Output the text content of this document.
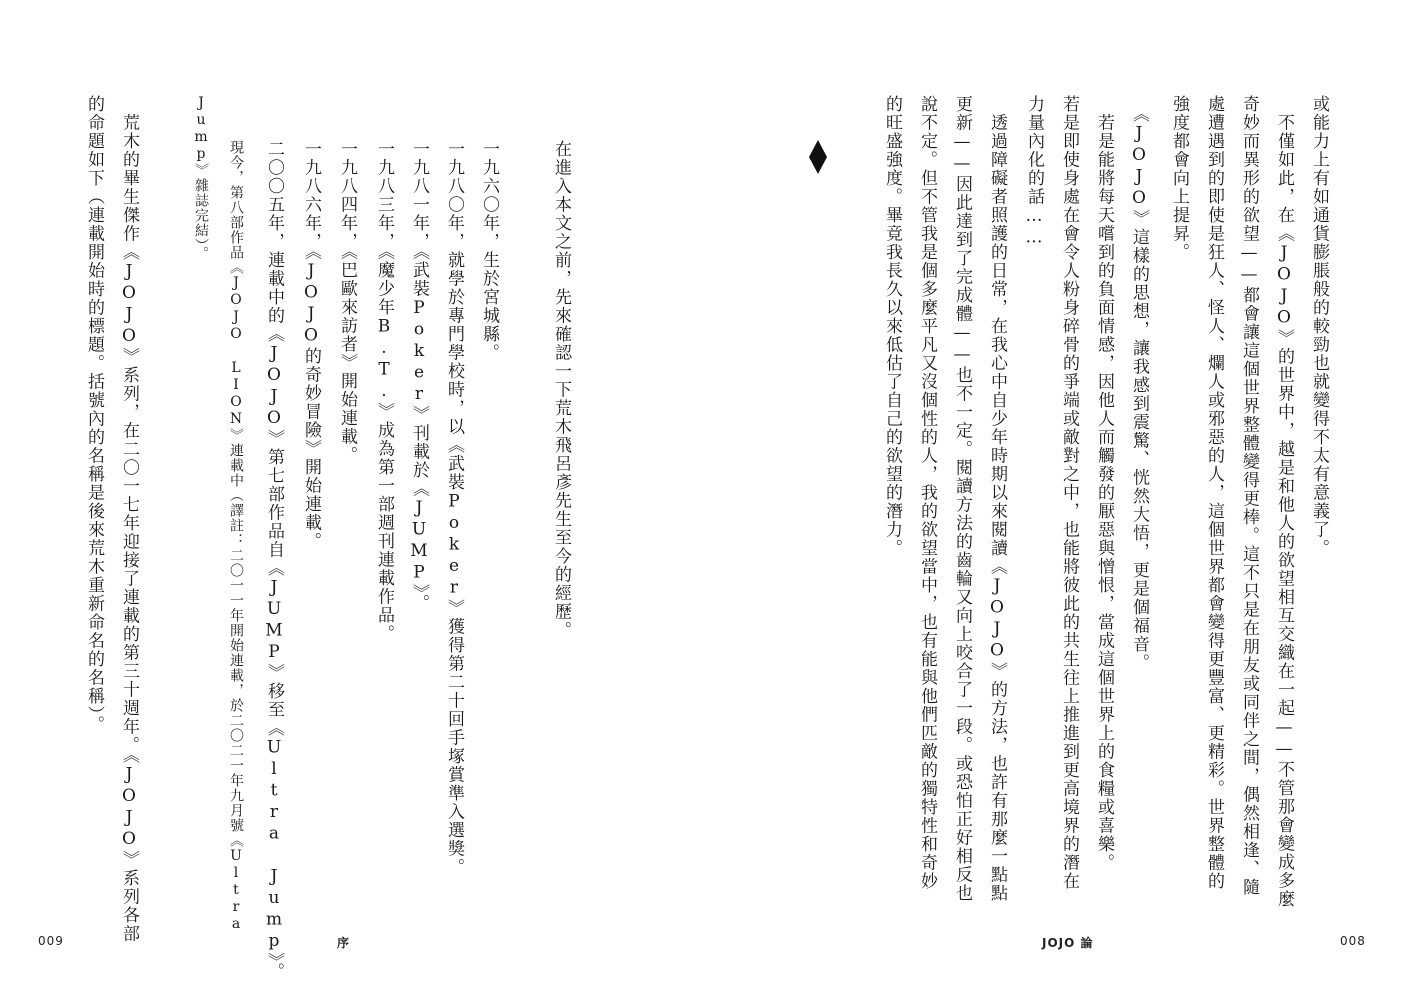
或能力上有如通貨膨脹般的較勁也就變得不太有意義了。
　不僅如此，在《JOJO》的世界中，越是和他人的欲望相互交織在一起——不管那會變成多麼
奇妙而異形的欲望——都會讓這個世界整體變得更棒。這不只是在朋友或同伴之間，偶然相逢、隨
處遭遇到的即使是狂人、怪人、爛人或邪惡的人，這個世界都會變得更豐富、更精彩。世界整體的
強度都會向上提昇。
　《JOJO》這樣的思想，讓我感到震驚、恍然大悟，更是個福音。
　若是能將每天嚐到的負面情感，因他人而觸發的厭惡與憎恨，當成這個世界上的食糧或喜樂。
若是即使身處在會令人粉身碎骨的爭端或敵對之中，也能將彼此的共生往上推進到更高境界的潛在
力量內化的話……
　透過障礙者照護的日常，在我心中自少年時期以來閱讀《JOJO》的方法，也許有那麼一點點
更新——因此達到了完成體——也不一定。閱讀方法的齒輪又向上咬合了一段。或恐怕正好相反也
說不定。但不管我是個多麼平凡又沒個性的人，我的欲望當中，也有能與他們匹敵的獨特性和奇妙
的旺盛強度。畢竟我長久以來低估了自己的欲望的潛力。
JOJO 論	008
在進入本文之前，先來確認一下荒木飛呂彥先生至今的經歷。
一九六〇年，生於宮城縣。
一九八〇年，就學於專門學校時，以《武裝Poker》獲得第二十回手塚賞準入選獎。
一九八一年，《武裝Poker》刊載於《JUMP》。
一九八三年，《魔少年B.T.》成為第一部週刊連載作品。
一九八四年，《巴歐來訪者》開始連載。
一九八六年，《JOJO的奇妙冒險》開始連載。
二〇〇五年，連載中的《JOJO》第七部作品自《JUMP》移至《Ultra Jump》。
現今，第八部作品《JOJO LION》連載中（譯註：二〇一一年開始連載，於二〇二一年九月號《Ultra
Jump》雜誌完結）。
　荒木的畢生傑作《JOJO》系列，在二〇一七年迎接了連載的第三十週年。《JOJO》系列各部
的命題如下（連載開始時的標題。括號內的名稱是後來荒木重新命名的名稱）。
009	序
